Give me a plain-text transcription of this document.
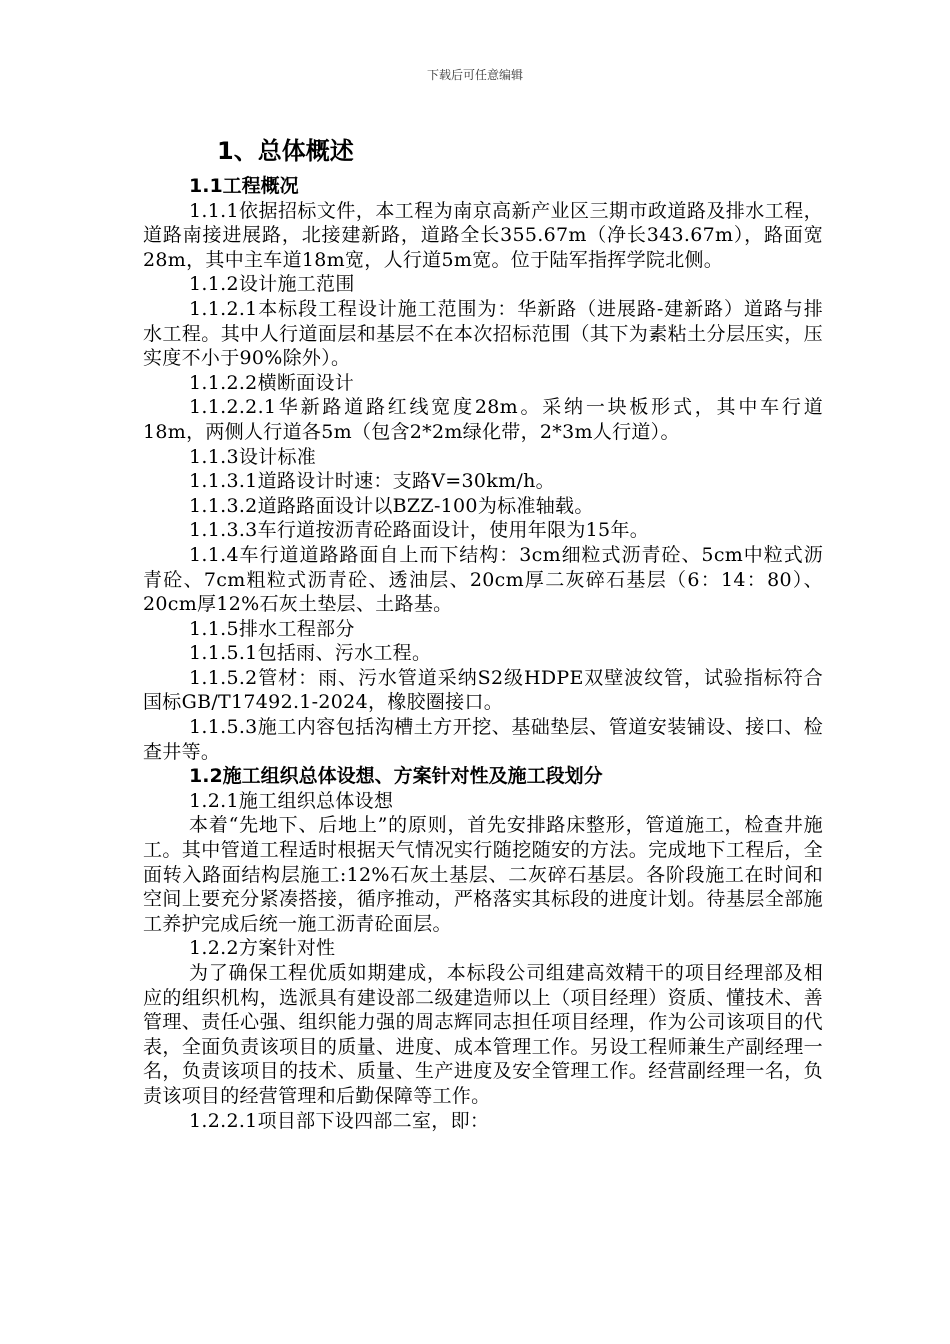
下载后可任意编辑
1、总体概述
1.1工程概况
1.1.1依据招标文件，本工程为南京高新产业区三期市政道路及排水工程，道路南接进展路，北接建新路，道路全长355.67m（净长343.67m），路面宽28m，其中主车道18m宽，人行道5m宽。位于陆军指挥学院北侧。
1.1.2设计施工范围
1.1.2.1本标段工程设计施工范围为：华新路（进展路-建新路）道路与排水工程。其中人行道面层和基层不在本次招标范围（其下为素粘土分层压实，压实度不小于90%除外）。
1.1.2.2横断面设计
1.1.2.2.1华新路道路红线宽度28m。采纳一块板形式，其中车行道18m，两侧人行道各5m（包含2*2m绿化带，2*3m人行道）。
1.1.3设计标准
1.1.3.1道路设计时速：支路V=30km/h。
1.1.3.2道路路面设计以BZZ-100为标准轴载。
1.1.3.3车行道按沥青砼路面设计，使用年限为15年。
1.1.4车行道道路路面自上而下结构：3cm细粒式沥青砼、5cm中粒式沥青砼、7cm粗粒式沥青砼、透油层、20cm厚二灰碎石基层（6：14：80）、20cm厚12%石灰土垫层、土路基。
1.1.5排水工程部分
1.1.5.1包括雨、污水工程。
1.1.5.2管材：雨、污水管道采纳S2级HDPE双壁波纹管，试验指标符合国标GB/T17492.1-2024，橡胶圈接口。
1.1.5.3施工内容包括沟槽土方开挖、基础垫层、管道安装铺设、接口、检查井等。
1.2施工组织总体设想、方案针对性及施工段划分
1.2.1施工组织总体设想
本着“先地下、后地上”的原则，首先安排路床整形，管道施工，检查井施工。其中管道工程适时根据天气情况实行随挖随安的方法。完成地下工程后，全面转入路面结构层施工:12%石灰土基层、二灰碎石基层。各阶段施工在时间和空间上要充分紧凑搭接，循序推动，严格落实其标段的进度计划。待基层全部施工养护完成后统一施工沥青砼面层。
1.2.2方案针对性
为了确保工程优质如期建成，本标段公司组建高效精干的项目经理部及相应的组织机构，选派具有建设部二级建造师以上（项目经理）资质、懂技术、善管理、责任心强、组织能力强的周志辉同志担任项目经理，作为公司该项目的代表，全面负责该项目的质量、进度、成本管理工作。另设工程师兼生产副经理一名，负责该项目的技术、质量、生产进度及安全管理工作。经营副经理一名，负责该项目的经营管理和后勤保障等工作。
1.2.2.1项目部下设四部二室，即：
